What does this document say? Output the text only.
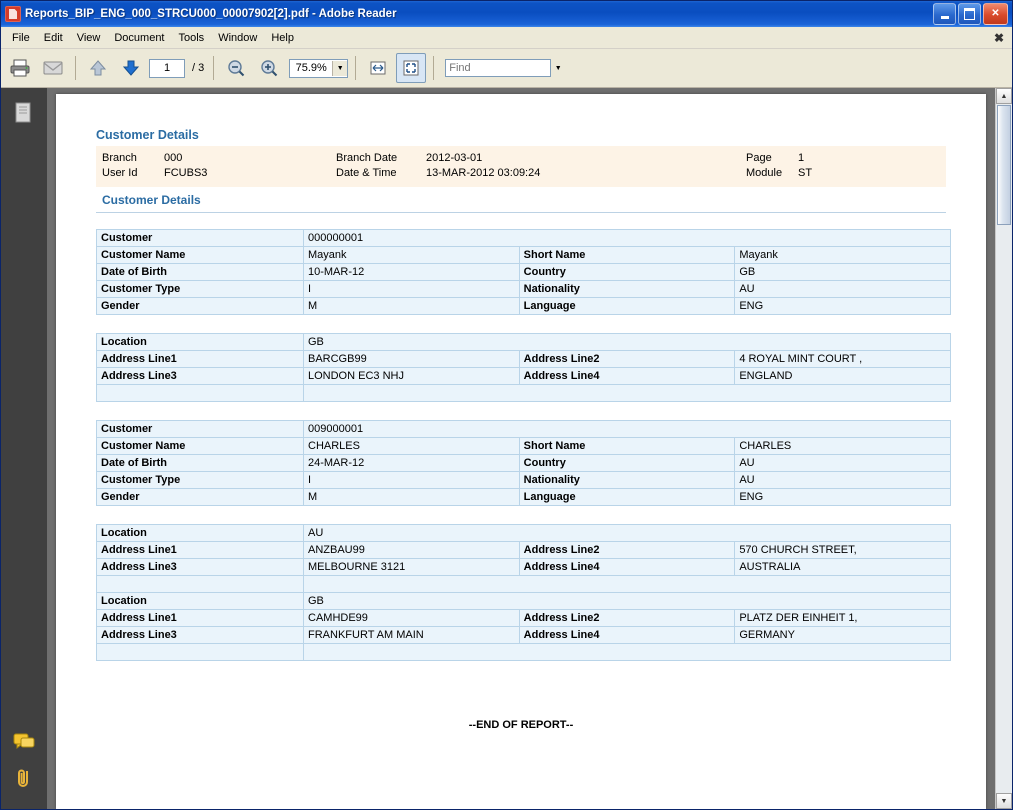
Reports_BIP_ENG_000_STRCU000_00007902[2].pdf - Adobe Reader	✕
File	Edit	View	Document	Tools	Window	Help	✖
1
/ 3	75.9%	▼
Find	▼
Customer Details
Branch	000	Branch Date	2012-03-01	Page	1
User Id	FCUBS3	Date & Time	13-MAR-2012 03:09:24	Module	ST
Customer Details
Customer	000000001		
Customer Name	Mayank	Short Name	Mayank
Date of Birth	10-MAR-12	Country	GB
Customer Type	I	Nationality	AU
Gender	M	Language	ENG
Location	GB		
Address Line1	BARCGB99	Address Line2	4 ROYAL MINT COURT ,
Address Line3	LONDON EC3 NHJ	Address Line4	ENGLAND

Customer	009000001		
Customer Name	CHARLES	Short Name	CHARLES
Date of Birth	24-MAR-12	Country	AU
Customer Type	I	Nationality	AU
Gender	M	Language	ENG
Location	AU		
Address Line1	ANZBAU99	Address Line2	570 CHURCH STREET,
Address Line3	MELBOURNE 3121	Address Line4	AUSTRALIA

Location	GB		
Address Line1	CAMHDE99	Address Line2	PLATZ DER EINHEIT 1,
Address Line3	FRANKFURT AM MAIN	Address Line4	GERMANY

--END OF REPORT--
▲
▼
